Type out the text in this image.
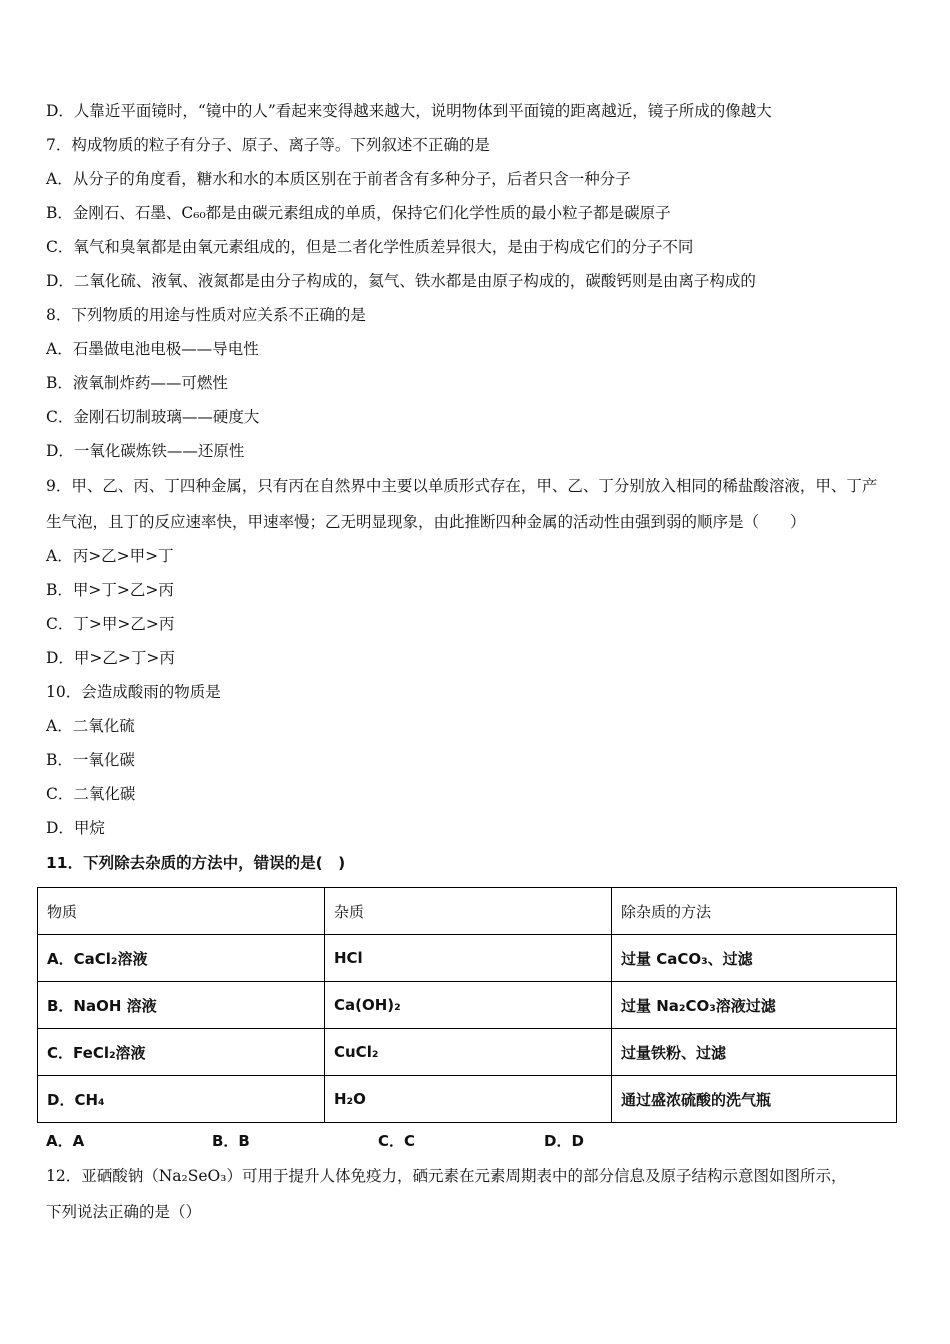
D．人靠近平面镜时，“镜中的人”看起来变得越来越大，说明物体到平面镜的距离越近，镜子所成的像越大
7．构成物质的粒子有分子、原子、离子等。下列叙述不正确的是
A．从分子的角度看，糖水和水的本质区别在于前者含有多种分子，后者只含一种分子
B．金刚石、石墨、C₆₀都是由碳元素组成的单质，保持它们化学性质的最小粒子都是碳原子
C．氧气和臭氧都是由氧元素组成的，但是二者化学性质差异很大，是由于构成它们的分子不同
D．二氧化硫、液氧、液氮都是由分子构成的，氦气、铁水都是由原子构成的，碳酸钙则是由离子构成的
8．下列物质的用途与性质对应关系不正确的是
A．石墨做电池电极——导电性
B．液氧制炸药——可燃性
C．金刚石切制玻璃——硬度大
D．一氧化碳炼铁——还原性
9．甲、乙、丙、丁四种金属，只有丙在自然界中主要以单质形式存在，甲、乙、丁分别放入相同的稀盐酸溶液，甲、丁产
生气泡，且丁的反应速率快，甲速率慢；乙无明显现象，由此推断四种金属的活动性由强到弱的顺序是（　　）
A．丙>乙>甲>丁
B．甲>丁>乙>丙
C．丁>甲>乙>丙
D．甲>乙>丁>丙
10．会造成酸雨的物质是
A．二氧化硫
B．一氧化碳
C．二氧化碳
D．甲烷
11．下列除去杂质的方法中，错误的是(　)
物质	杂质	除杂质的方法
A．CaCl₂溶液	HCl	过量 CaCO₃、过滤
B．NaOH 溶液	Ca(OH)₂	过量 Na₂CO₃溶液过滤
C．FeCl₂溶液	CuCl₂	过量铁粉、过滤
D．CH₄	H₂O	通过盛浓硫酸的洗气瓶
A．A	B．B	C．C	D．D
12．亚硒酸钠（Na₂SeO₃）可用于提升人体免疫力，硒元素在元素周期表中的部分信息及原子结构示意图如图所示，
下列说法正确的是（）
